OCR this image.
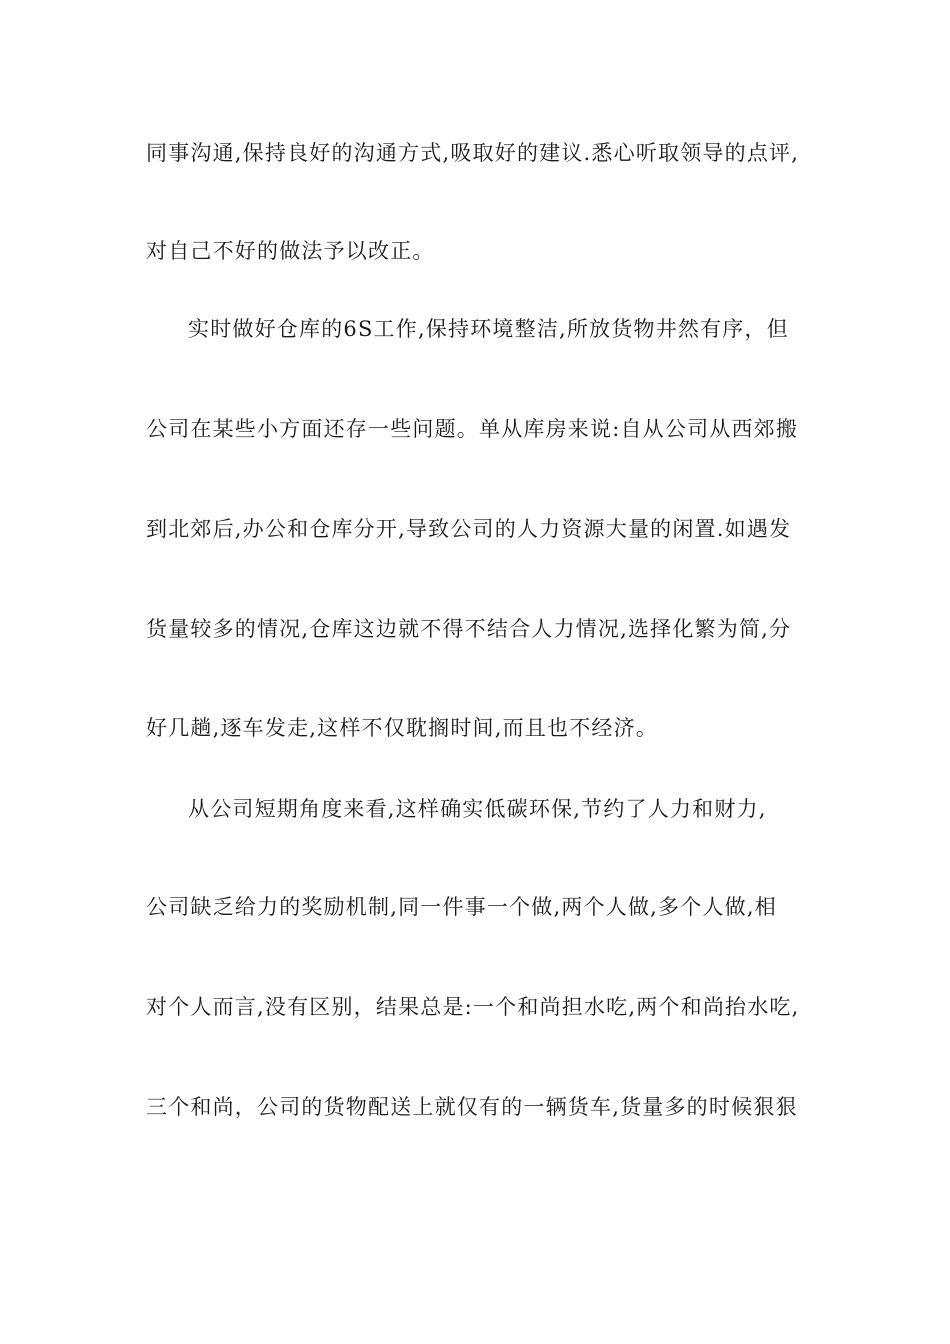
同事沟通,保持良好的沟通方式,吸取好的建议.悉心听取领导的点评,

对自己不好的做法予以改正。

实时做好仓库的6S工作,保持环境整洁,所放货物井然有序，但

公司在某些小方面还存一些问题。单从库房来说:自从公司从西郊搬

到北郊后,办公和仓库分开,导致公司的人力资源大量的闲置.如遇发

货量较多的情况,仓库这边就不得不结合人力情况,选择化繁为简,分

好几趟,逐车发走,这样不仅耽搁时间,而且也不经济。

从公司短期角度来看,这样确实低碳环保,节约了人力和财力,

公司缺乏给力的奖励机制,同一件事一个做,两个人做,多个人做,相

对个人而言,没有区别，结果总是:一个和尚担水吃,两个和尚抬水吃,

三个和尚，公司的货物配送上就仅有的一辆货车,货量多的时候狠狠
